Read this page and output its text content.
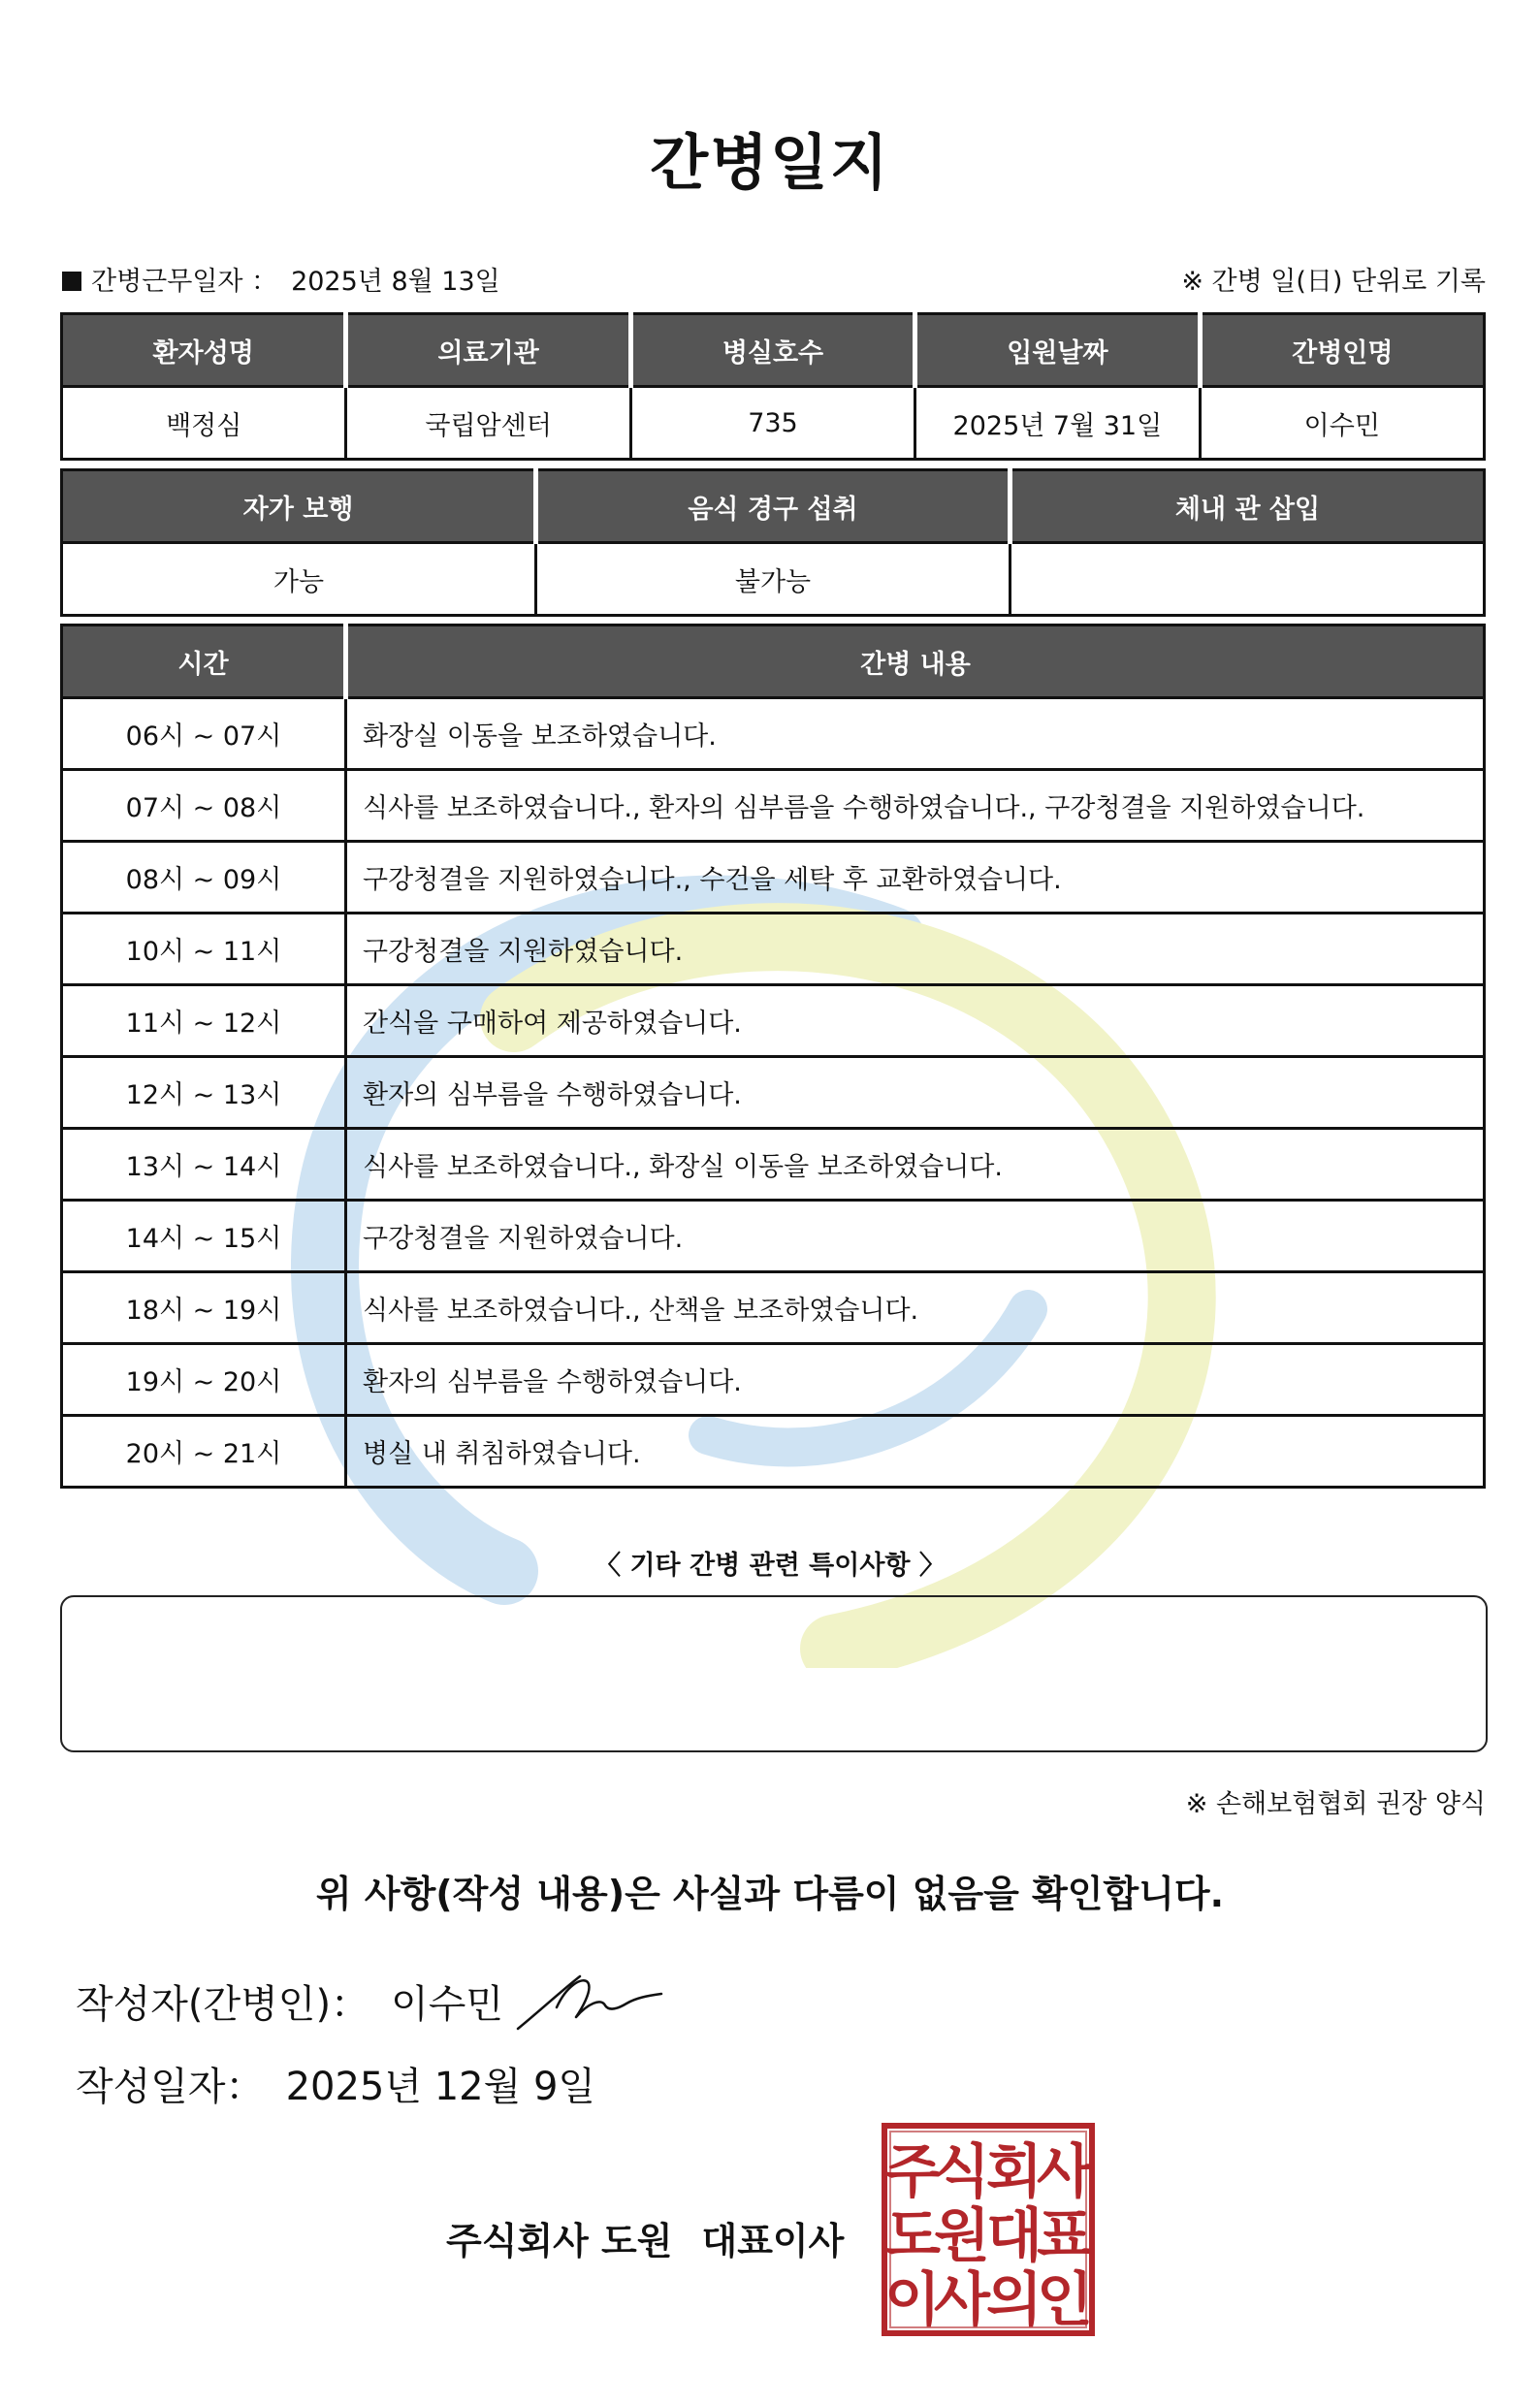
간병일지
간병근무일자 ： 2025년 8월 13일	※ 간병 일(日) 단위로 기록
환자성명	의료기관	병실호수	입원날짜	간병인명
백정심	국립암센터	735	2025년 7월 31일	이수민
자가 보행	음식 경구 섭취	체내 관 삽입
가능	불가능	
시간	간병 내용
06시 ~ 07시	화장실 이동을 보조하였습니다.
07시 ~ 08시	식사를 보조하였습니다., 환자의 심부름을 수행하였습니다., 구강청결을 지원하였습니다.
08시 ~ 09시	구강청결을 지원하였습니다., 수건을 세탁 후 교환하였습니다.
10시 ~ 11시	구강청결을 지원하였습니다.
11시 ~ 12시	간식을 구매하여 제공하였습니다.
12시 ~ 13시	환자의 심부름을 수행하였습니다.
13시 ~ 14시	식사를 보조하였습니다., 화장실 이동을 보조하였습니다.
14시 ~ 15시	구강청결을 지원하였습니다.
18시 ~ 19시	식사를 보조하였습니다., 산책을 보조하였습니다.
19시 ~ 20시	환자의 심부름을 수행하였습니다.
20시 ~ 21시	병실 내 취침하였습니다.
〈 기타 간병 관련 특이사항 〉
※ 손해보험협회 권장 양식
위 사항(작성 내용)은 사실과 다름이 없음을 확인합니다.
작성자(간병인)： 이수민
작성일자： 2025년 12월 9일
주식회사 도원 대표이사
주
식
회
사
도
원
대
표
이
사
의
인
